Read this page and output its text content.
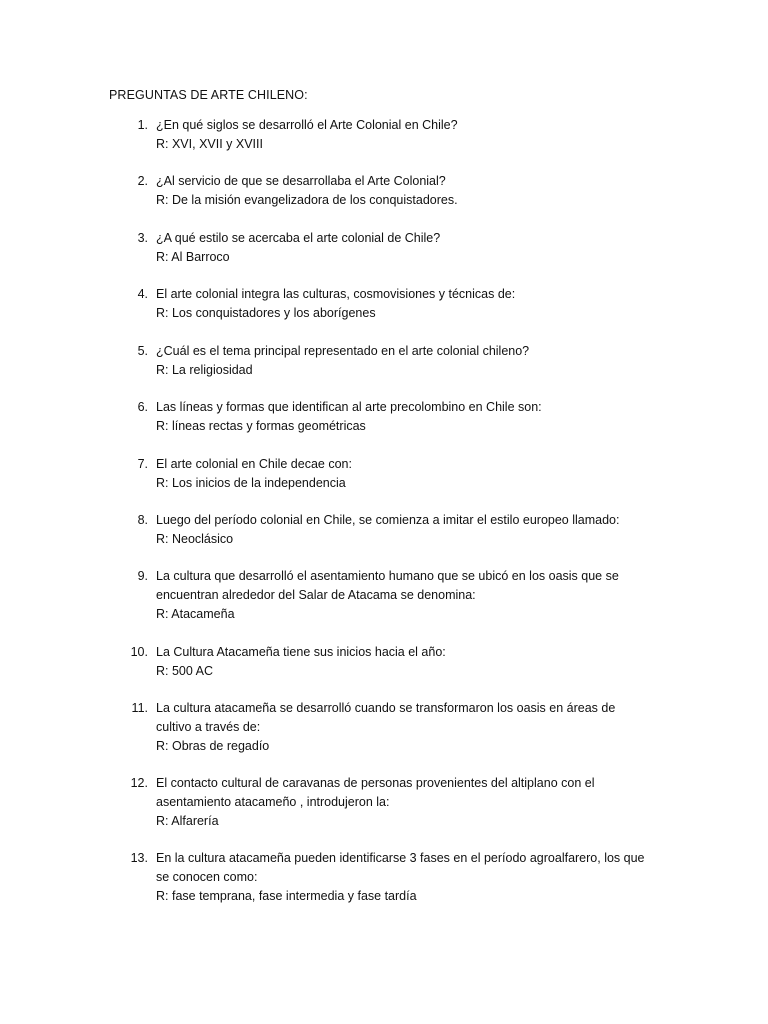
PREGUNTAS DE ARTE CHILENO:
1. ¿En qué siglos se desarrolló el Arte Colonial en Chile?
R: XVI, XVII y XVIII
2. ¿Al servicio de que se desarrollaba el Arte Colonial?
R: De la misión evangelizadora de los conquistadores.
3. ¿A qué estilo se acercaba el arte colonial de Chile?
R: Al Barroco
4. El arte colonial integra las culturas, cosmovisiones y técnicas de:
R: Los conquistadores y los aborígenes
5. ¿Cuál es el tema principal representado en el arte colonial chileno?
R: La religiosidad
6. Las líneas y formas que identifican al arte precolombino en Chile son:
R: líneas rectas y formas geométricas
7. El arte colonial en Chile decae con:
R: Los inicios de la independencia
8. Luego del período colonial en Chile, se comienza a imitar el estilo europeo llamado:
R: Neoclásico
9. La cultura que desarrolló el asentamiento humano que se ubicó en los oasis que se
encuentran alrededor del Salar de Atacama se denomina:
R: Atacameña
10. La Cultura Atacameña tiene sus inicios hacia el año:
R: 500 AC
11. La cultura atacameña se desarrolló cuando se transformaron los oasis en áreas de
cultivo a través de:
R: Obras de regadío
12. El contacto cultural de caravanas de personas provenientes del altiplano con el
asentamiento atacameño , introdujeron la:
R: Alfarería
13. En la cultura atacameña pueden identificarse 3 fases en el período agroalfarero, los que
se conocen como:
R: fase temprana, fase intermedia y fase tardía
